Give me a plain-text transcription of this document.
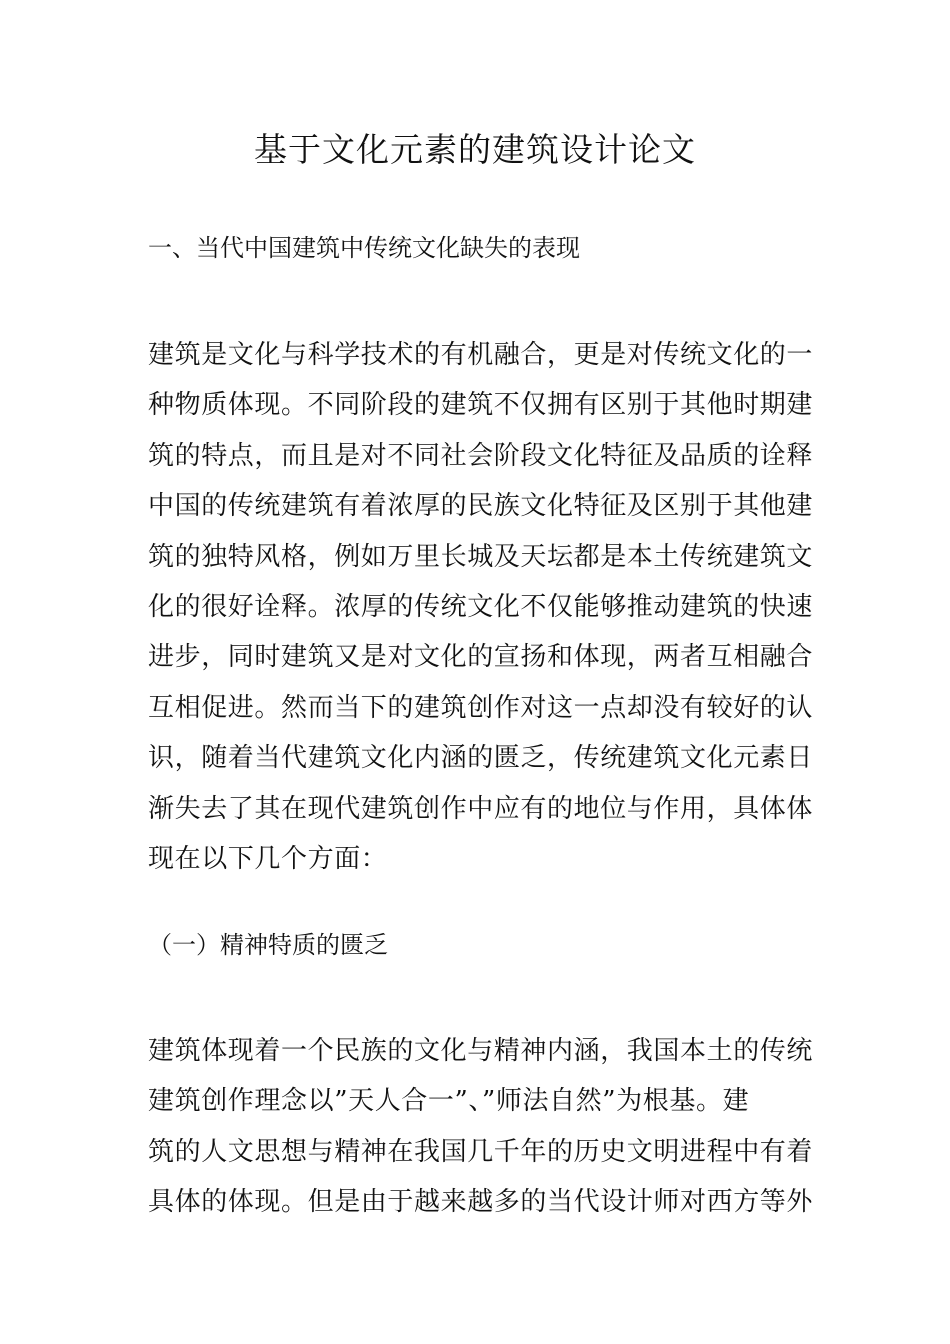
基于文化元素的建筑设计论文
一、当代中国建筑中传统文化缺失的表现

建筑是文化与科学技术的有机融合，更是对传统文化的一
种物质体现。不同阶段的建筑不仅拥有区别于其他时期建
筑的特点，而且是对不同社会阶段文化特征及品质的诠释
中国的传统建筑有着浓厚的民族文化特征及区别于其他建
筑的独特风格，例如万里长城及天坛都是本土传统建筑文
化的很好诠释。浓厚的传统文化不仅能够推动建筑的快速
进步，同时建筑又是对文化的宣扬和体现，两者互相融合
互相促进。然而当下的建筑创作对这一点却没有较好的认
识，随着当代建筑文化内涵的匮乏，传统建筑文化元素日
渐失去了其在现代建筑创作中应有的地位与作用，具体体
现在以下几个方面：

（一）精神特质的匮乏

建筑体现着一个民族的文化与精神内涵，我国本土的传统
建筑创作理念以”天人合一”、”师法自然”为根基。建
筑的人文思想与精神在我国几千年的历史文明进程中有着
具体的体现。但是由于越来越多的当代设计师对西方等外
